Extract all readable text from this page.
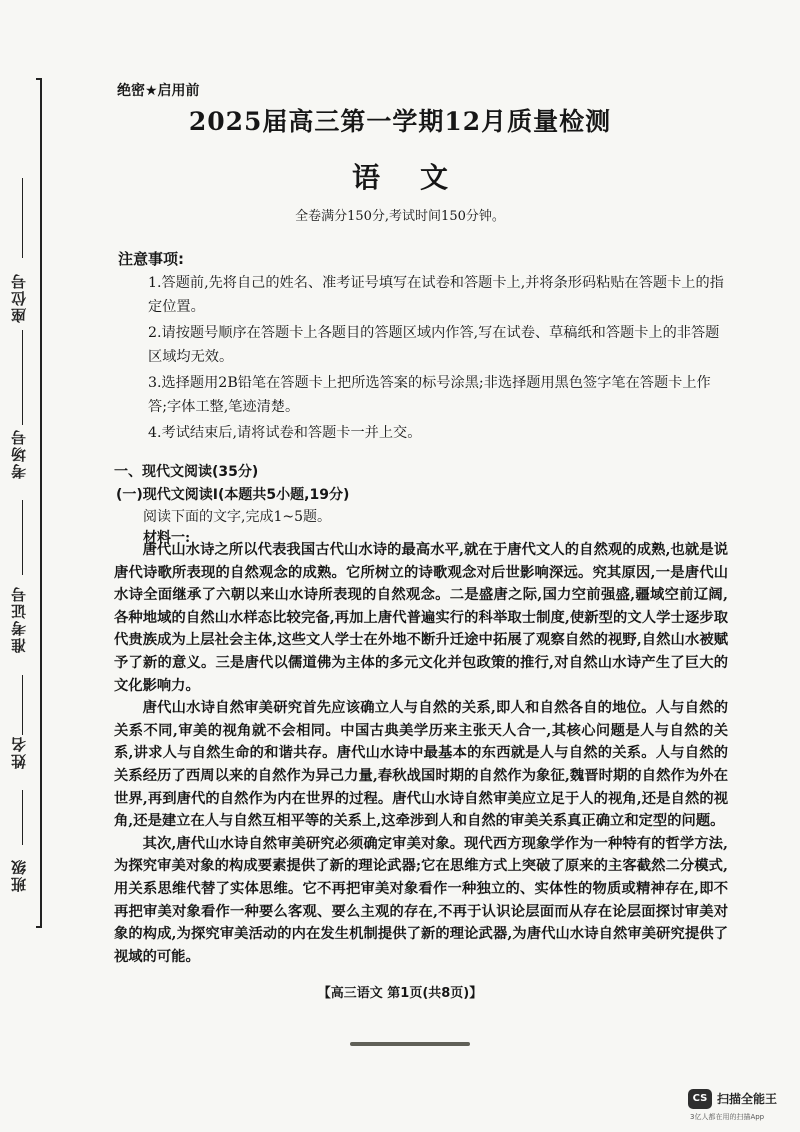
座位号
考场号
准考证号
姓名
班级
绝密★启用前
2025届高三第一学期12月质量检测
语文
全卷满分150分,考试时间150分钟。
注意事项:
1.答题前,先将自己的姓名、准考证号填写在试卷和答题卡上,并将条形码粘贴在答题卡上的指定位置。
2.请按题号顺序在答题卡上各题目的答题区域内作答,写在试卷、草稿纸和答题卡上的非答题区域均无效。
3.选择题用2B铅笔在答题卡上把所选答案的标号涂黑;非选择题用黑色签字笔在答题卡上作答;字体工整,笔迹清楚。
4.考试结束后,请将试卷和答题卡一并上交。
一、现代文阅读(35分)
(一)现代文阅读Ⅰ(本题共5小题,19分)
阅读下面的文字,完成1~5题。
材料一:

唐代山水诗之所以代表我国古代山水诗的最高水平,就在于唐代文人的自然观的成熟,也就是说唐代诗歌所表现的自然观念的成熟。它所树立的诗歌观念对后世影响深远。究其原因,一是唐代山水诗全面继承了六朝以来山水诗所表现的自然观念。二是盛唐之际,国力空前强盛,疆域空前辽阔,各种地域的自然山水样态比较完备,再加上唐代普遍实行的科举取士制度,使新型的文人学士逐步取代贵族成为上层社会主体,这些文人学士在外地不断升迁途中拓展了观察自然的视野,自然山水被赋予了新的意义。三是唐代以儒道佛为主体的多元文化并包政策的推行,对自然山水诗产生了巨大的文化影响力。

唐代山水诗自然审美研究首先应该确立人与自然的关系,即人和自然各自的地位。人与自然的关系不同,审美的视角就不会相同。中国古典美学历来主张天人合一,其核心问题是人与自然的关系,讲求人与自然生命的和谐共存。唐代山水诗中最基本的东西就是人与自然的关系。人与自然的关系经历了西周以来的自然作为异己力量,春秋战国时期的自然作为象征,魏晋时期的自然作为外在世界,再到唐代的自然作为内在世界的过程。唐代山水诗自然审美应立足于人的视角,还是自然的视角,还是建立在人与自然互相平等的关系上,这牵涉到人和自然的审美关系真正确立和定型的问题。

其次,唐代山水诗自然审美研究必须确定审美对象。现代西方现象学作为一种特有的哲学方法,为探究审美对象的构成要素提供了新的理论武器;它在思维方式上突破了原来的主客截然二分模式,用关系思维代替了实体思维。它不再把审美对象看作一种独立的、实体性的物质或精神存在,即不再把审美对象看作一种要么客观、要么主观的存在,不再于认识论层面而从存在论层面探讨审美对象的构成,为探究审美活动的内在发生机制提供了新的理论武器,为唐代山水诗自然审美研究提供了视域的可能。

【高三语文 第1页(共8页)】
CS 扫描全能王
3亿人都在用的扫描App
